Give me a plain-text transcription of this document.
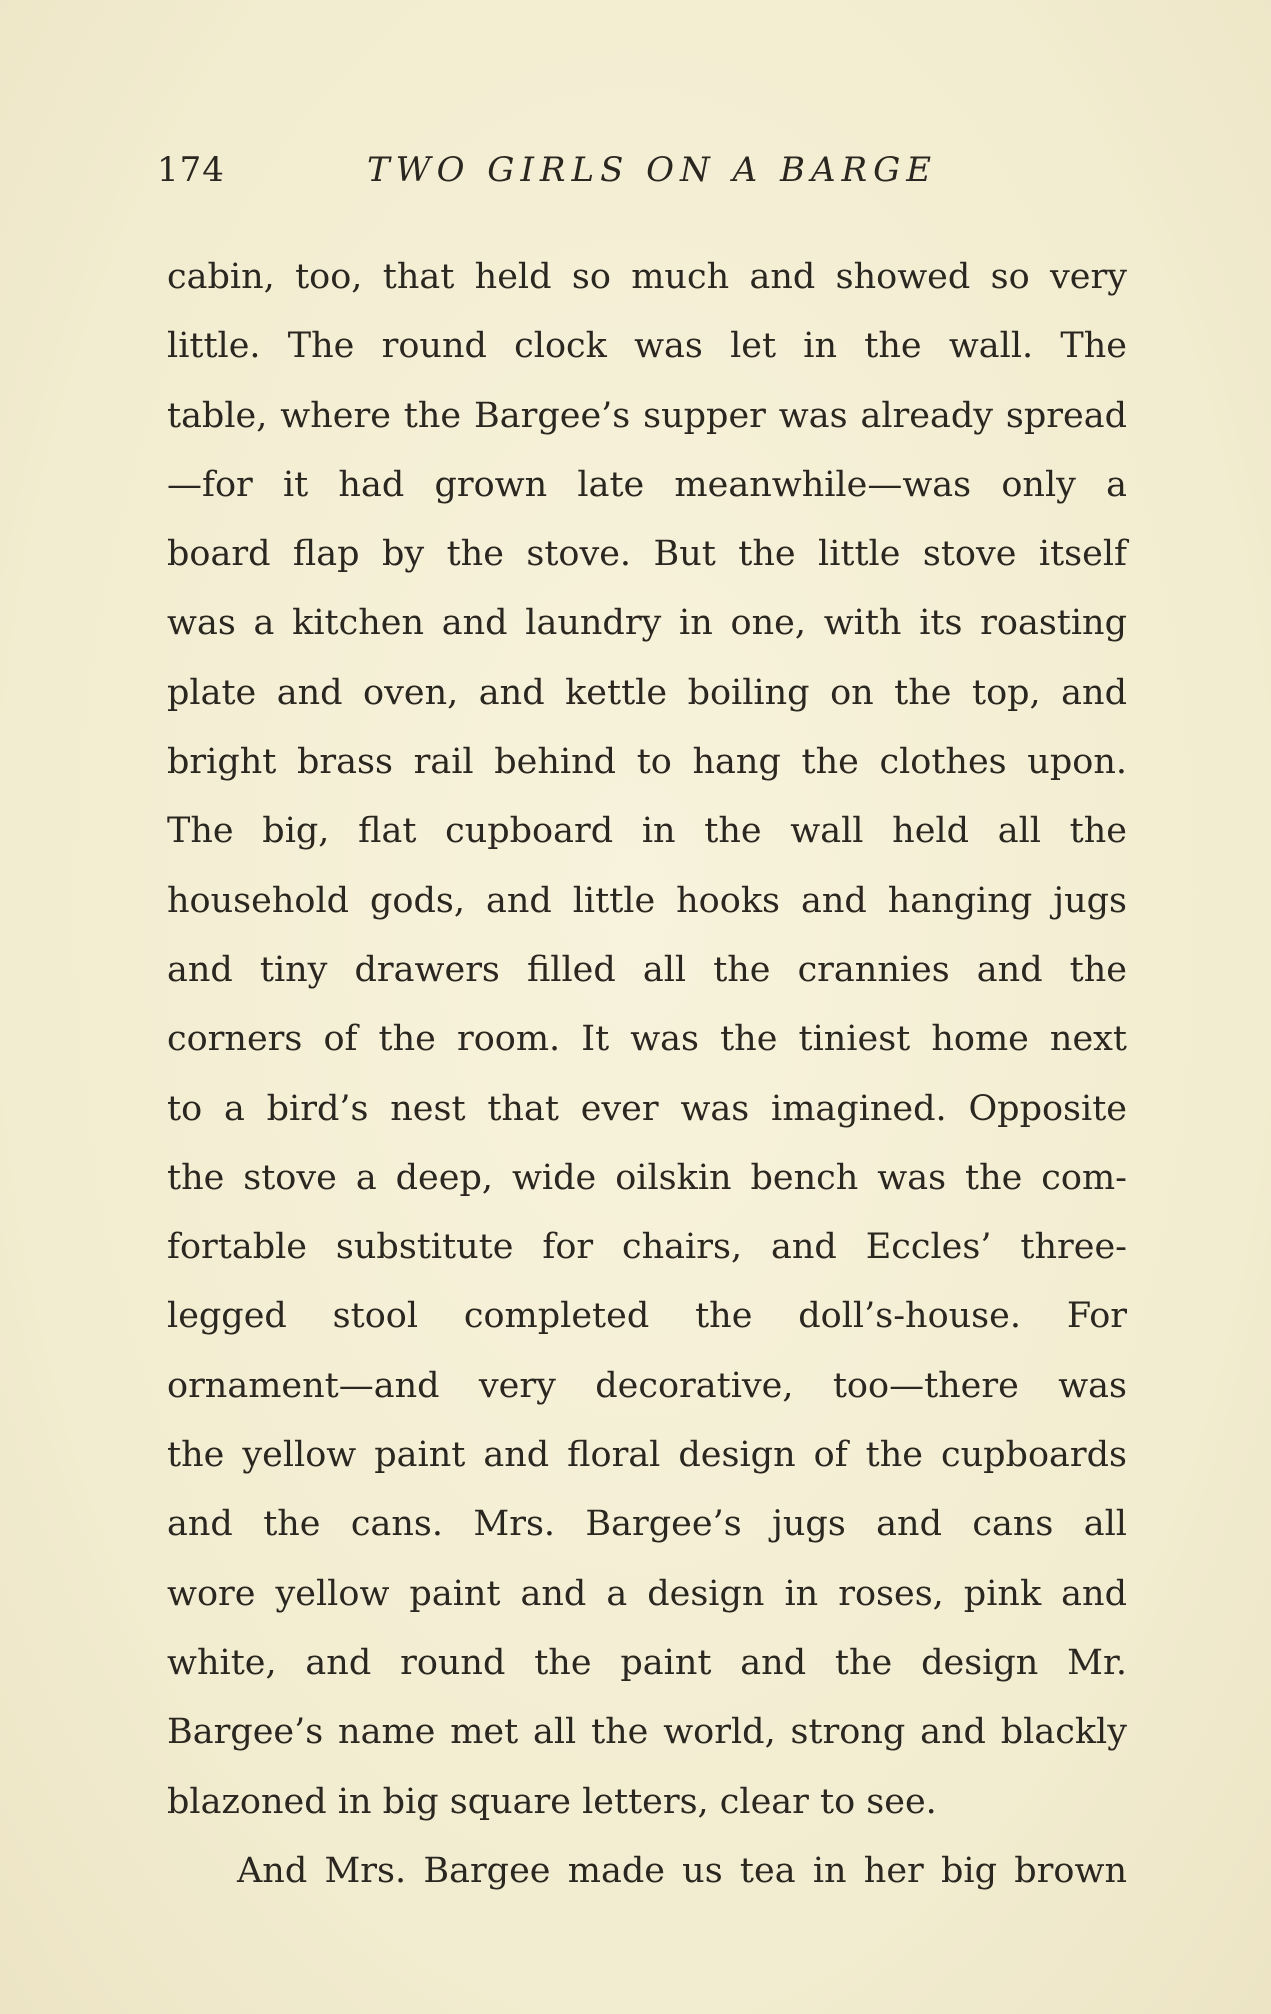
174	TWO GIRLS ON A BARGE
cabin, too, that held so much and showed so very
little. The round clock was let in the wall. The
table, where the Bargee’s supper was already spread
—for it had grown late meanwhile—was only a
board flap by the stove. But the little stove itself
was a kitchen and laundry in one, with its roasting
plate and oven, and kettle boiling on the top, and
bright brass rail behind to hang the clothes upon.
The big, flat cupboard in the wall held all the
household gods, and little hooks and hanging jugs
and tiny drawers filled all the crannies and the
corners of the room. It was the tiniest home next
to a bird’s nest that ever was imagined. Opposite
the stove a deep, wide oilskin bench was the com-
fortable substitute for chairs, and Eccles’ three-
legged stool completed the doll’s-house. For
ornament—and very decorative, too—there was
the yellow paint and floral design of the cupboards
and the cans. Mrs. Bargee’s jugs and cans all
wore yellow paint and a design in roses, pink and
white, and round the paint and the design Mr.
Bargee’s name met all the world, strong and blackly
blazoned in big square letters, clear to see.
And Mrs. Bargee made us tea in her big brown
